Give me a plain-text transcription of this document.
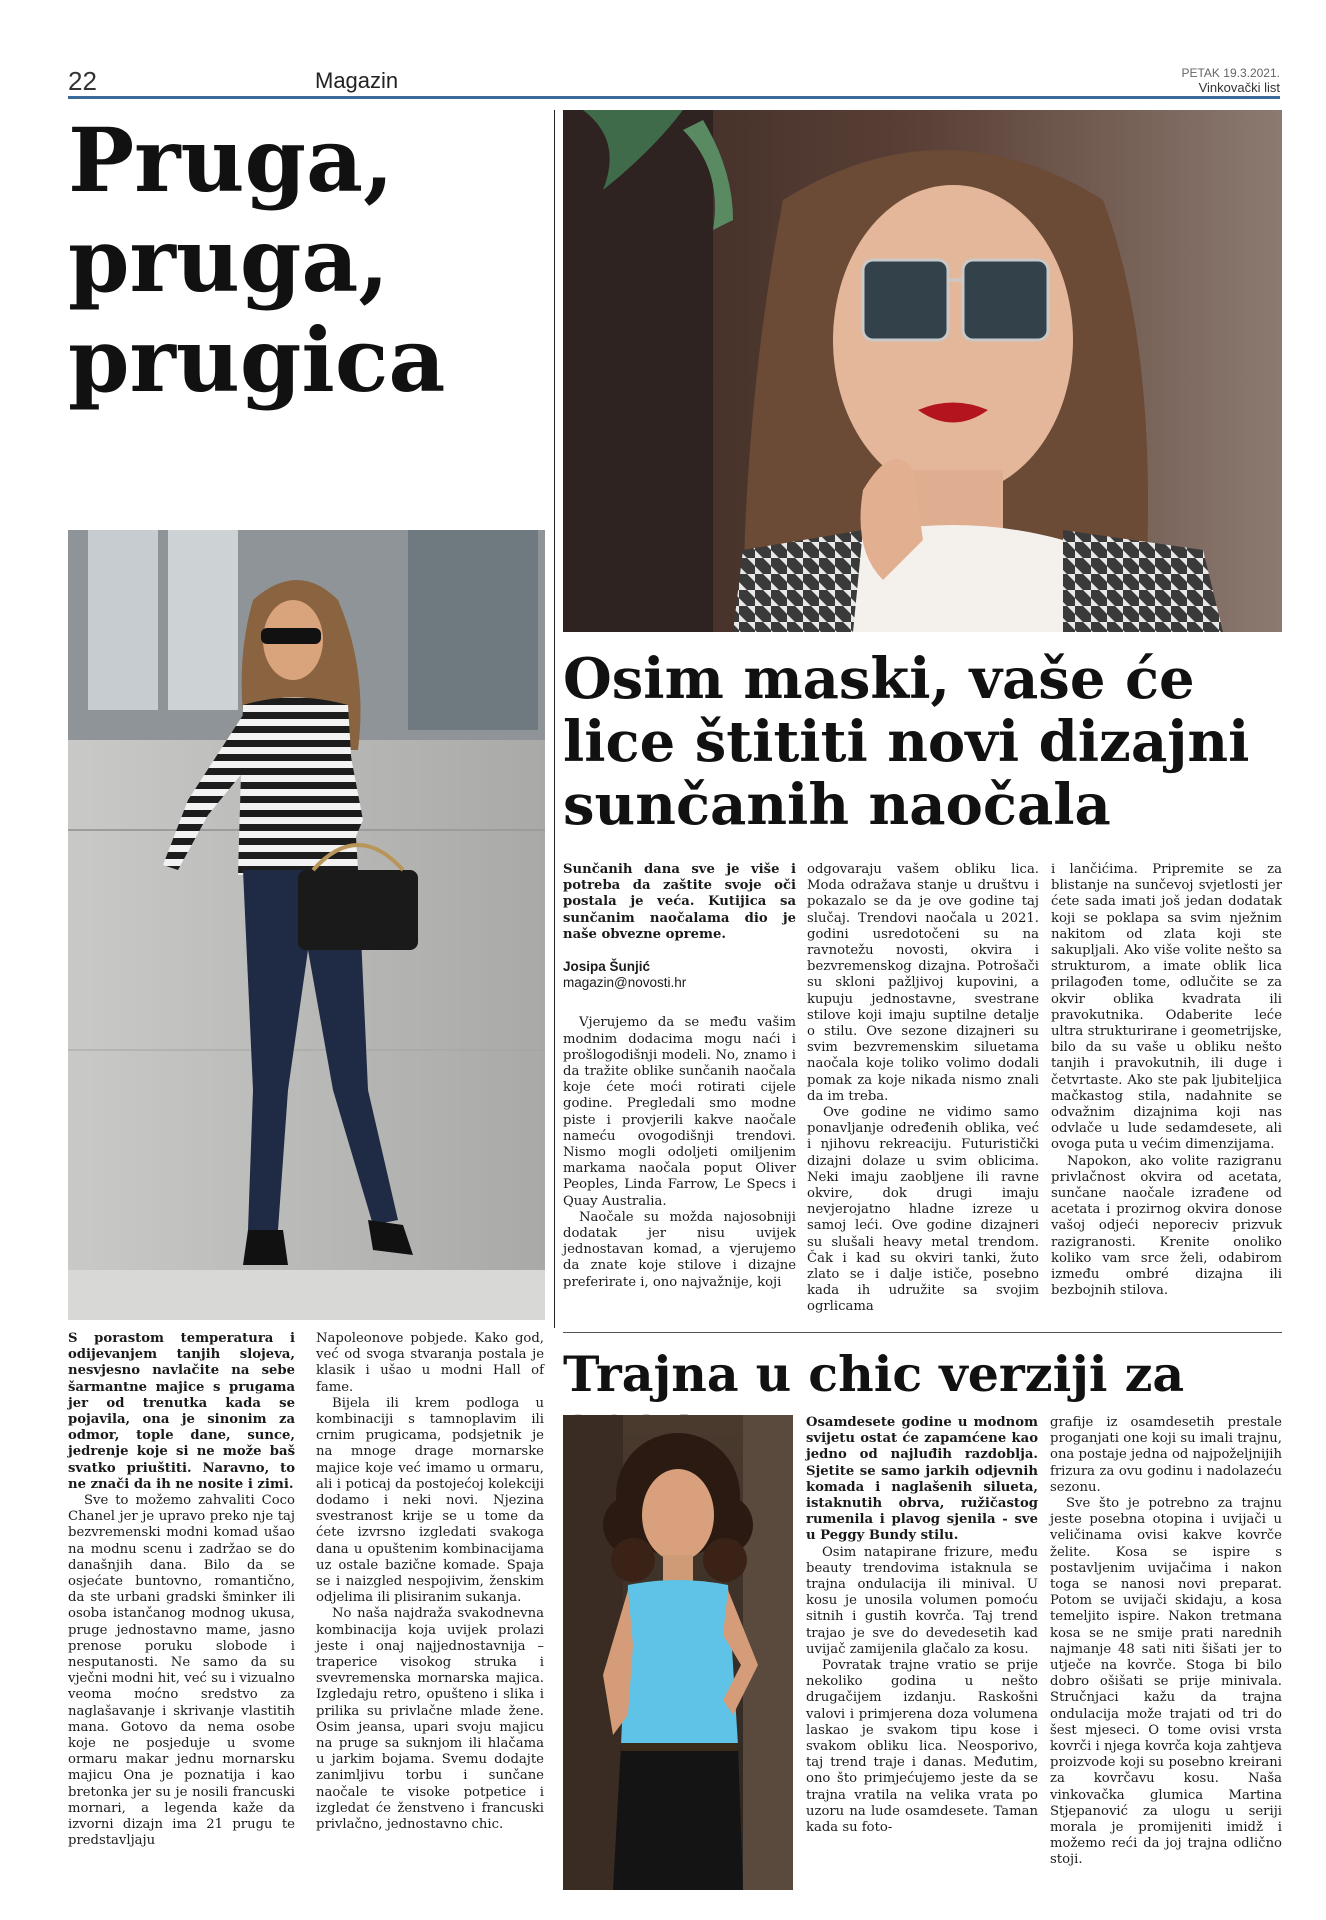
22	Magazin	PETAK 19.3.2021.
Vinkovački list
Pruga,
pruga,
prugica

S porastom temperatura i odijevanjem tanjih slojeva, nesvjesno navlačite na sebe šarmantne majice s prugama jer od trenutka kada se pojavila, ona je sinonim za odmor, tople dane, sunce, jedrenje koje si ne može baš svatko priuštiti. Naravno, to ne znači da ih ne nosite i zimi.

Sve to možemo zahvaliti Coco Chanel jer je upravo preko nje taj bezvremenski modni komad ušao na modnu scenu i zadržao se do današnjih dana. Bilo da se osjećate buntovno, romantično, da ste urbani gradski šminker ili osoba istančanog modnog ukusa, pruge jednostavno mame, jasno prenose poruku slobode i nesputanosti. Ne samo da su vječni modni hit, već su i vizualno veoma moćno sredstvo za naglašavanje i skrivanje vlastitih mana. Gotovo da nema osobe koje ne posjeduje u svome ormaru makar jednu mornarsku majicu Ona je poznatija i kao bretonka jer su je nosili francuski mornari, a legenda kaže da izvorni dizajn ima 21 prugu te predstavljaju

Napoleonove pobjede. Kako god, već od svoga stvaranja postala je klasik i ušao u modni Hall of fame.

Bijela ili krem podloga u kombinaciji s tamnoplavim ili crnim prugicama, podsjetnik je na mnoge drage mornarske majice koje već imamo u ormaru, ali i poticaj da postojećoj kolekciji dodamo i neki novi. Njezina svestranost krije se u tome da ćete izvrsno izgledati svakoga dana u opuštenim kombinacijama uz ostale bazične komade. Spaja se i naizgled nespojivim, ženskim odjelima ili plisiranim sukanja.

No naša najdraža svakodnevna kombinacija koja uvijek prolazi jeste i onaj najjednostavnija – traperice visokog struka i svevremenska mornarska majica. Izgledaju retro, opušteno i slika i prilika su privlačne mlade žene. Osim jeansa, upari svoju majicu na pruge sa suknjom ili hlačama u jarkim bojama. Svemu dodajte zanimljivu torbu i sunčane naočale te visoke potpetice i izgledat će ženstveno i francuski privlačno, jednostavno chic.

Osim maski, vaše će
lice štititi novi dizajni
sunčanih naočala

Sunčanih dana sve je više i potreba da zaštite svoje oči postala je veća. Kutijica sa sunčanim naočalama dio je naše obvezne opreme.

Josipa Šunjić
magazin@novosti.hr

Vjerujemo da se među vašim modnim dodacima mogu naći i prošlogodišnji modeli. No, znamo i da tražite oblike sunčanih naočala koje ćete moći rotirati cijele godine. Pregledali smo modne piste i provjerili kakve naočale nameću ovogodišnji trendovi. Nismo mogli odoljeti omiljenim markama naočala poput Oliver Peoples, Linda Farrow, Le Specs i Quay Australia.

Naočale su možda najosobniji dodatak jer nisu uvijek jednostavan komad, a vjerujemo da znate koje stilove i dizajne preferirate i, ono najvažnije, koji

odgovaraju vašem obliku lica. Moda odražava stanje u društvu i pokazalo se da je ove godine taj slučaj. Trendovi naočala u 2021. godini usredotočeni su na ravnotežu novosti, okvira i bezvremenskog dizajna. Potrošači su skloni pažljivoj kupovini, a kupuju jednostavne, svestrane stilove koji imaju suptilne detalje o stilu. Ove sezone dizajneri su svim bezvremenskim siluetama naočala koje toliko volimo dodali pomak za koje nikada nismo znali da im treba.

Ove godine ne vidimo samo ponavljanje određenih oblika, već i njihovu rekreaciju. Futuristički dizajni dolaze u svim oblicima. Neki imaju zaobljene ili ravne okvire, dok drugi imaju nevjerojatno hladne izreze u samoj leći. Ove godine dizajneri su slušali heavy metal trendom. Čak i kad su okviri tanki, žuto zlato se i dalje ističe, posebno kada ih udružite sa svojim ogrlicama

i lančićima. Pripremite se za blistanje na sunčevoj svjetlosti jer ćete sada imati još jedan dodatak koji se poklapa sa svim nježnim nakitom od zlata koji ste sakupljali. Ako više volite nešto sa strukturom, a imate oblik lica prilagođen tome, odlučite se za okvir oblika kvadrata ili pravokutnika. Odaberite leće ultra strukturirane i geometrijske, bilo da su vaše u obliku nešto tanjih i pravokutnih, ili duge i četvrtaste. Ako ste pak ljubiteljica mačkastog stila, nadahnite se odvažnim dizajnima koji nas odvlače u lude sedamdesete, ali ovoga puta u većim dimenzijama.

Napokon, ako volite razigranu privlačnost okvira od acetata, sunčane naočale izrađene od acetata i prozirnog okvira donose vašoj odjeći neporeciv prizvuk razigranosti. Krenite onoliko koliko vam srce želi, odabirom između ombré dizajna ili bezbojnih stilova.

Trajna u chic verziji za

Osamdesete godine u modnom svijetu ostat će zapamćene kao jedno od najluđih razdoblja. Sjetite se samo jarkih odjevnih komada i naglašenih silueta, istaknutih obrva, ružičastog rumenila i plavog sjenila - sve u Peggy Bundy stilu.

Osim natapirane frizure, među beauty trendovima istaknula se trajna ondulacija ili minival. U kosu je unosila volumen pomoću sitnih i gustih kovrča. Taj trend trajao je sve do devedesetih kad uvijač zamijenila glačalo za kosu.

Povratak trajne vratio se prije nekoliko godina u nešto drugačijem izdanju. Raskošni valovi i primjerena doza volumena laskao je svakom tipu kose i svakom obliku lica. Neosporivo, taj trend traje i danas. Međutim, ono što primjećujemo jeste da se trajna vratila na velika vrata po uzoru na lude osamdesete. Taman kada su foto-

grafije iz osamdesetih prestale proganjati one koji su imali trajnu, ona postaje jedna od najpoželjnijih frizura za ovu godinu i nadolazeću sezonu.

Sve što je potrebno za trajnu jeste posebna otopina i uvijači u veličinama ovisi kakve kovrče želite. Kosa se ispire s postavljenim uvijačima i nakon toga se nanosi novi preparat. Potom se uvijači skidaju, a kosa temeljito ispire. Nakon tretmana kosa se ne smije prati narednih najmanje 48 sati niti šišati jer to utječe na kovrče. Stoga bi bilo dobro ošišati se prije minivala. Stručnjaci kažu da trajna ondulacija može trajati od tri do šest mjeseci. O tome ovisi vrsta kovrči i njega kovrča koja zahtjeva proizvode koji su posebno kreirani za kovrčavu kosu. Naša vinkovačka glumica Martina Stjepanović za ulogu u seriji morala je promijeniti imidž i možemo reći da joj trajna odlično stoji.
